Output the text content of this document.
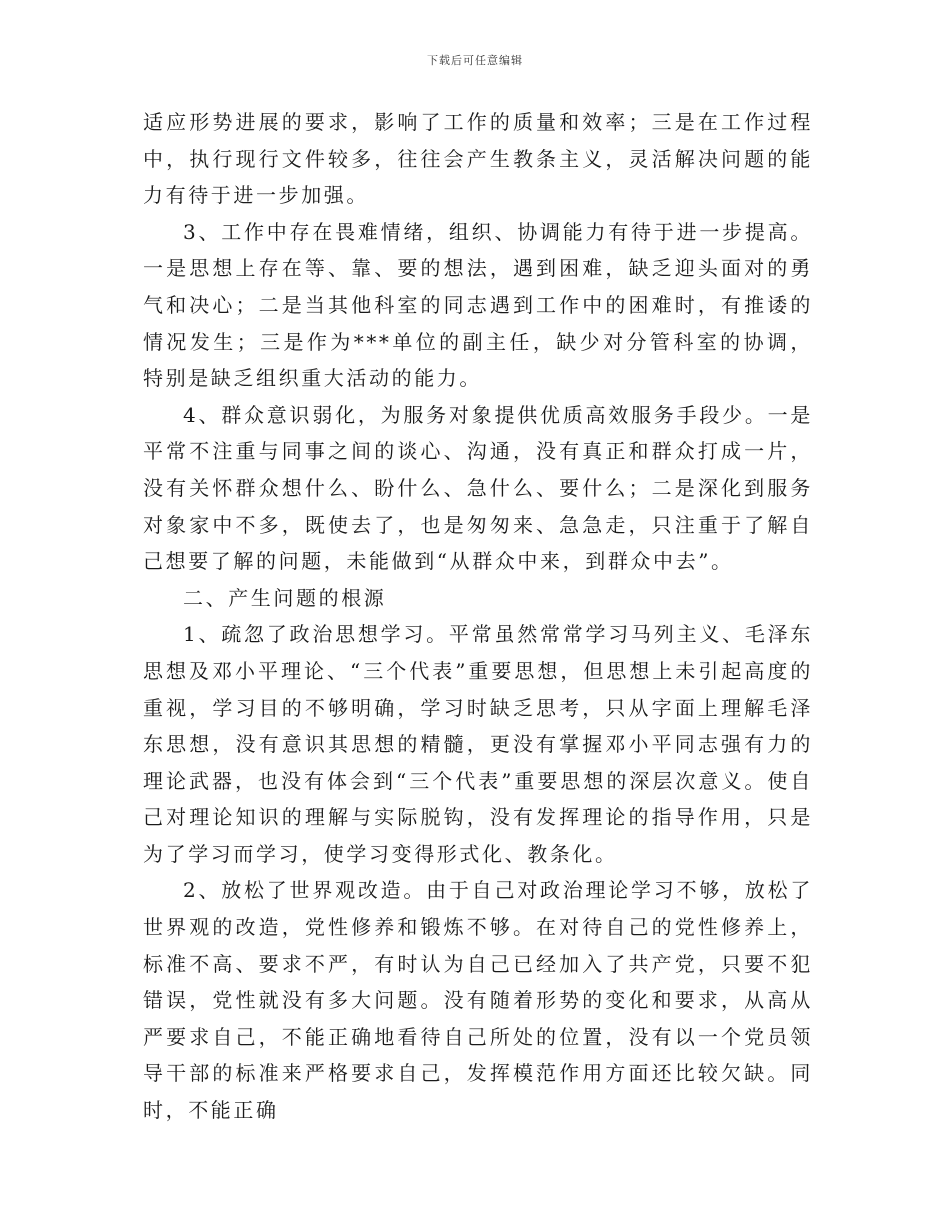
下载后可任意编辑

适应形势进展的要求，影响了工作的质量和效率；三是在工作过程中，执行现行文件较多，往往会产生教条主义，灵活解决问题的能力有待于进一步加强。

3、工作中存在畏难情绪，组织、协调能力有待于进一步提高。一是思想上存在等、靠、要的想法，遇到困难，缺乏迎头面对的勇气和决心；二是当其他科室的同志遇到工作中的困难时，有推诿的情况发生；三是作为***单位的副主任，缺少对分管科室的协调，特别是缺乏组织重大活动的能力。

4、群众意识弱化，为服务对象提供优质高效服务手段少。一是平常不注重与同事之间的谈心、沟通，没有真正和群众打成一片，没有关怀群众想什么、盼什么、急什么、要什么；二是深化到服务对象家中不多，既使去了，也是匆匆来、急急走，只注重于了解自己想要了解的问题，未能做到“从群众中来，到群众中去”。

二、产生问题的根源

1、疏忽了政治思想学习。平常虽然常常学习马列主义、毛泽东思想及邓小平理论、“三个代表”重要思想，但思想上未引起高度的重视，学习目的不够明确，学习时缺乏思考，只从字面上理解毛泽东思想，没有意识其思想的精髓，更没有掌握邓小平同志强有力的理论武器，也没有体会到“三个代表”重要思想的深层次意义。使自己对理论知识的理解与实际脱钩，没有发挥理论的指导作用，只是为了学习而学习，使学习变得形式化、教条化。

2、放松了世界观改造。由于自己对政治理论学习不够，放松了世界观的改造，党性修养和锻炼不够。在对待自己的党性修养上，标准不高、要求不严，有时认为自己已经加入了共产党，只要不犯错误，党性就没有多大问题。没有随着形势的变化和要求，从高从严要求自己，不能正确地看待自己所处的位置，没有以一个党员领导干部的标准来严格要求自己，发挥模范作用方面还比较欠缺。同时，不能正确
